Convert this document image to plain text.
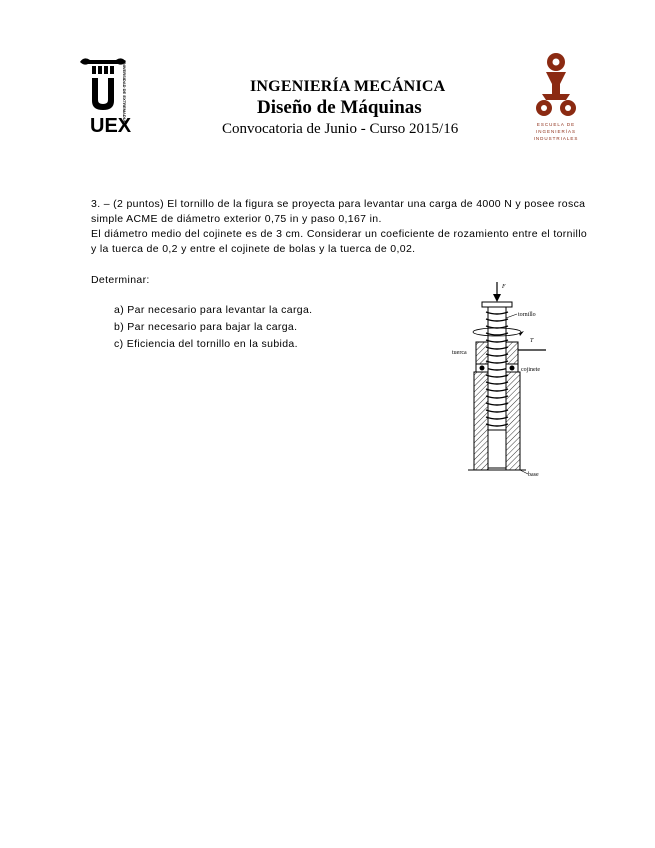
UEX
UNIVERSIDAD DE EXTREMADURA	ESCUELA DE
INGENIERÍAS
INDUSTRIALES
INGENIERÍA MECÁNICA
Diseño de Máquinas
Convocatoria de Junio - Curso 2015/16
3. – (2 puntos) El tornillo de la figura se proyecta para levantar una carga de 4000 N y posee rosca
simple ACME de diámetro exterior 0,75 in y paso 0,167 in.
El diámetro medio del cojinete es de 3 cm. Considerar un coeficiente de rozamiento entre el tornillo
y la tuerca de 0,2 y entre el cojinete de bolas y la tuerca de 0,02.
Determinar:
a) Par necesario para levantar la carga.
b) Par necesario para bajar la carga.
c) Eficiencia del tornillo en la subida.
F
tornillo
T
tuerca
cojinete
base
